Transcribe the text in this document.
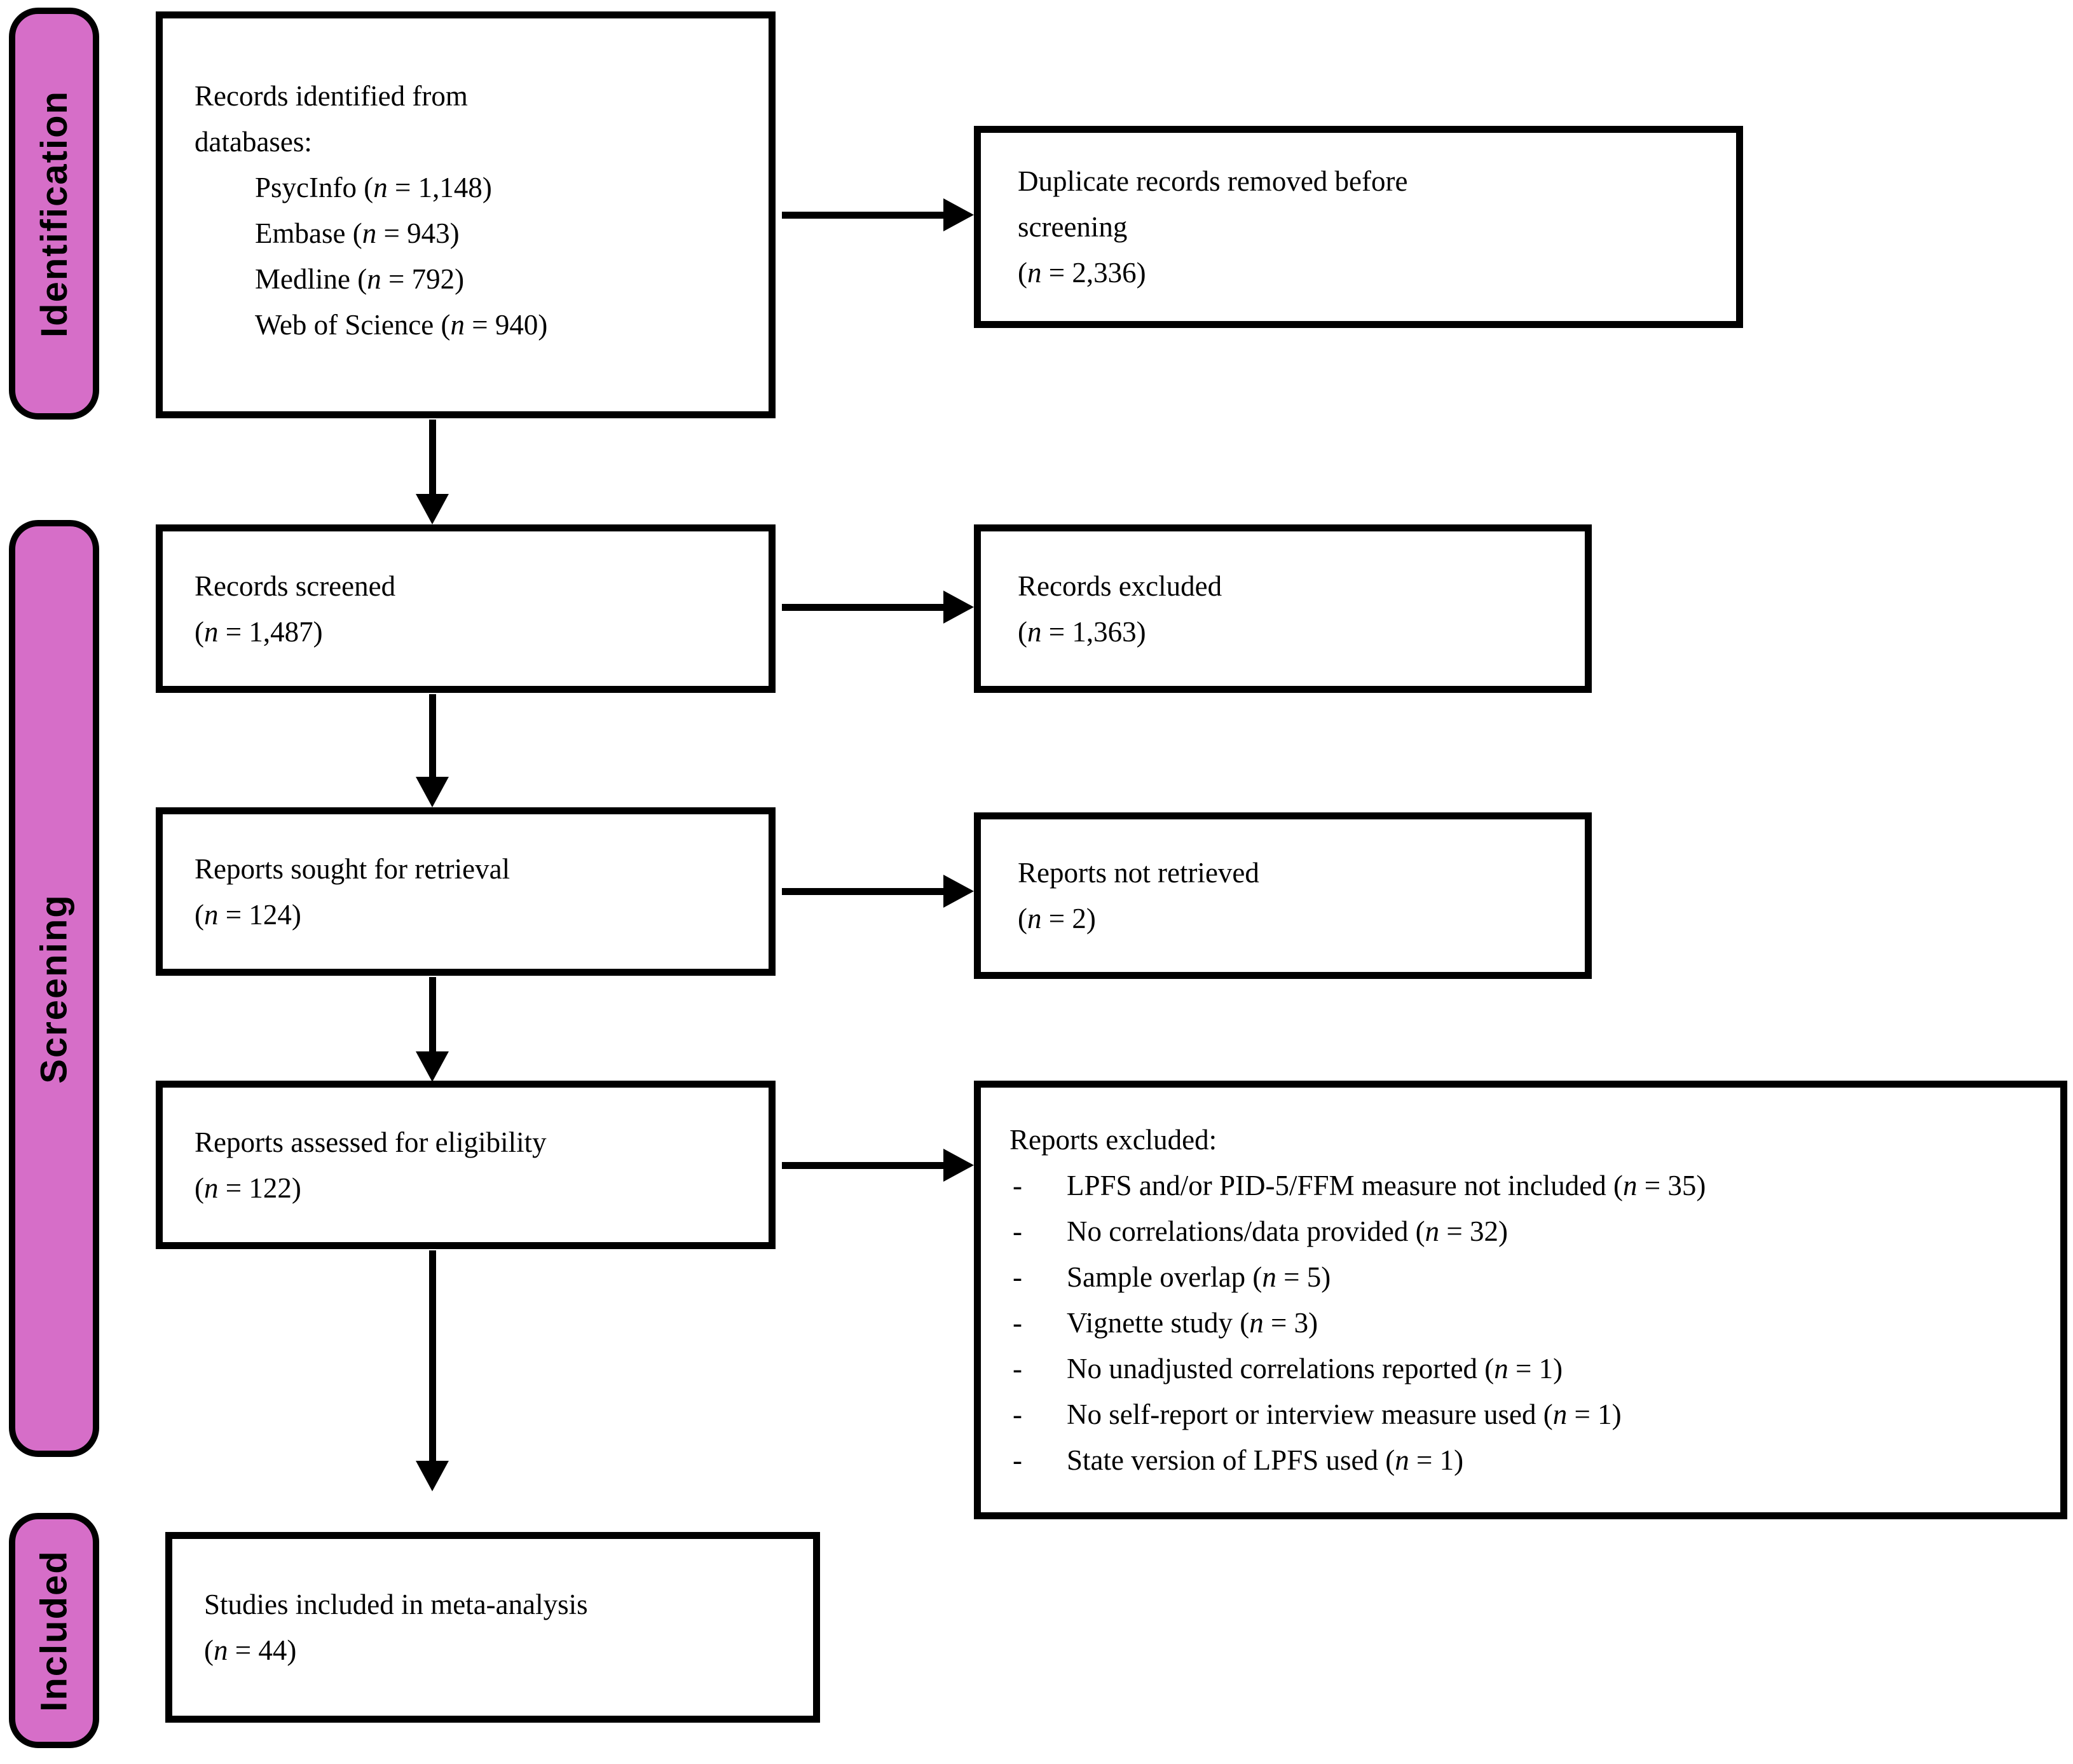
Identification
Screening
Included
Records identified from
databases:
PsycInfo (n = 1,148)
Embase (n = 943)
Medline (n = 792)
Web of Science (n = 940)
Duplicate records removed before
screening
(n = 2,336)
Records screened
(n = 1,487)
Records excluded
(n = 1,363)
Reports sought for retrieval
(n = 124)
Reports not retrieved
(n = 2)
Reports assessed for eligibility
(n = 122)
Reports excluded:
-	LPFS and/or PID-5/FFM measure not included (n = 35)
-	No correlations/data provided (n = 32)
-	Sample overlap (n = 5)
-	Vignette study (n = 3)
-	No unadjusted correlations reported (n = 1)
-	No self-report or interview measure used (n = 1)
-	State version of LPFS used (n = 1)
Studies included in meta-analysis
(n = 44)
